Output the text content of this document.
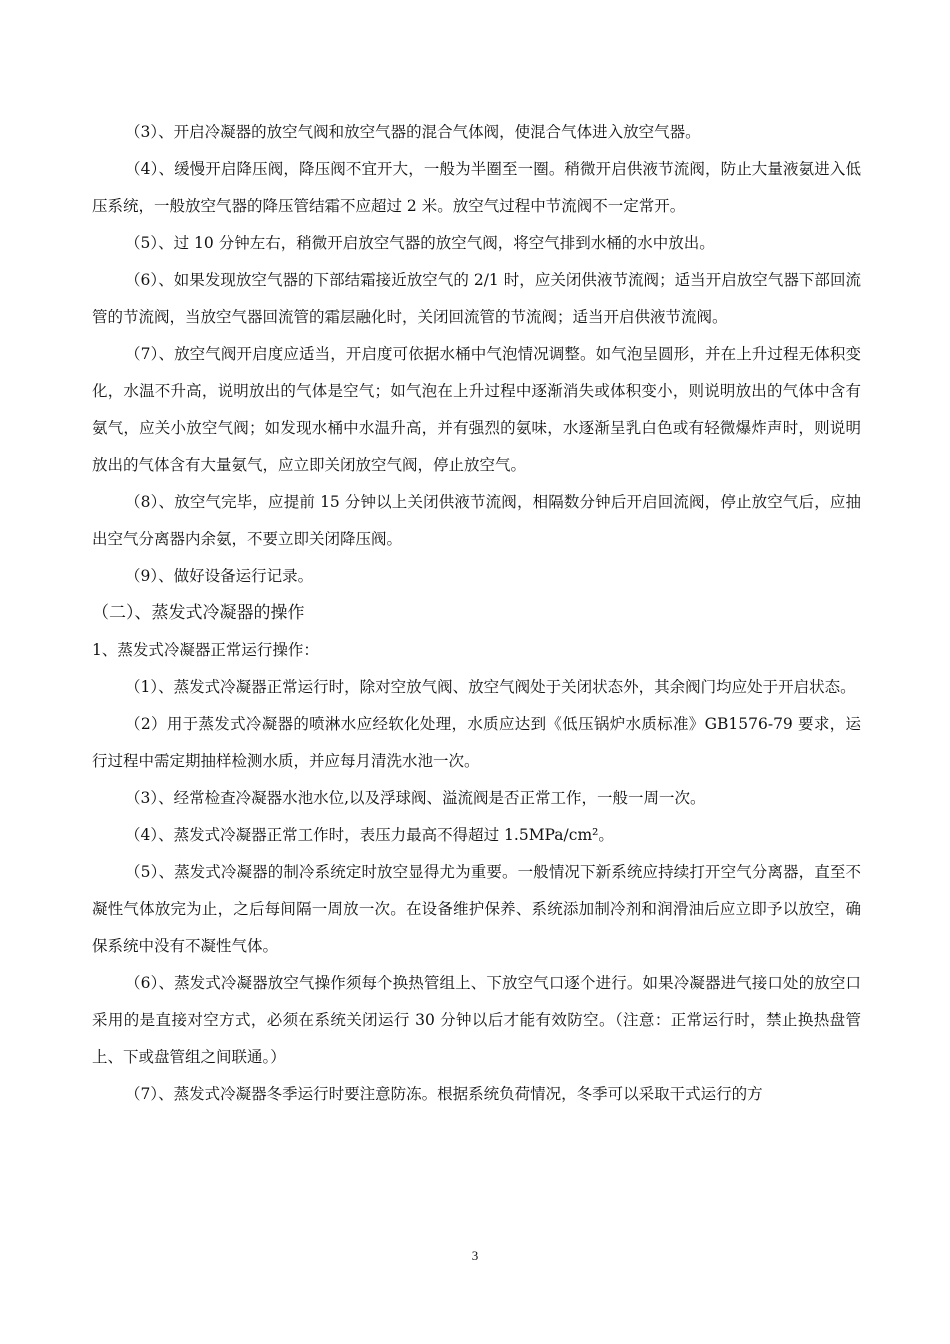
（3）、开启冷凝器的放空气阀和放空气器的混合气体阀，使混合气体进入放空气器。

（4）、缓慢开启降压阀，降压阀不宜开大，一般为半圈至一圈。稍微开启供液节流阀，防止大量液氨进入低压系统，一般放空气器的降压管结霜不应超过 2 米。放空气过程中节流阀不一定常开。

（5）、过 10 分钟左右，稍微开启放空气器的放空气阀，将空气排到水桶的水中放出。

（6）、如果发现放空气器的下部结霜接近放空气的 2/1 时，应关闭供液节流阀；适当开启放空气器下部回流管的节流阀，当放空气器回流管的霜层融化时，关闭回流管的节流阀；适当开启供液节流阀。

（7）、放空气阀开启度应适当，开启度可依据水桶中气泡情况调整。如气泡呈圆形，并在上升过程无体积变化，水温不升高，说明放出的气体是空气；如气泡在上升过程中逐渐消失或体积变小，则说明放出的气体中含有氨气，应关小放空气阀；如发现水桶中水温升高，并有强烈的氨味，水逐渐呈乳白色或有轻微爆炸声时，则说明放出的气体含有大量氨气，应立即关闭放空气阀，停止放空气。

（8）、放空气完毕，应提前 15 分钟以上关闭供液节流阀，相隔数分钟后开启回流阀，停止放空气后，应抽出空气分离器内余氨，不要立即关闭降压阀。

（9）、做好设备运行记录。

（二）、蒸发式冷凝器的操作

1、蒸发式冷凝器正常运行操作：

（1）、蒸发式冷凝器正常运行时，除对空放气阀、放空气阀处于关闭状态外，其余阀门均应处于开启状态。

（2）用于蒸发式冷凝器的喷淋水应经软化处理，水质应达到《低压锅炉水质标准》GB1576-79 要求，运行过程中需定期抽样检测水质，并应每月清洗水池一次。

（3）、经常检查冷凝器水池水位,以及浮球阀、溢流阀是否正常工作，一般一周一次。

（4）、蒸发式冷凝器正常工作时，表压力最高不得超过 1.5MPa/cm²。

（5）、蒸发式冷凝器的制冷系统定时放空显得尤为重要。一般情况下新系统应持续打开空气分离器，直至不凝性气体放完为止，之后每间隔一周放一次。在设备维护保养、系统添加制冷剂和润滑油后应立即予以放空，确保系统中没有不凝性气体。

（6）、蒸发式冷凝器放空气操作须每个换热管组上、下放空气口逐个进行。如果冷凝器进气接口处的放空口采用的是直接对空方式，必须在系统关闭运行 30 分钟以后才能有效防空。（注意：正常运行时，禁止换热盘管上、下或盘管组之间联通。）

（7）、蒸发式冷凝器冬季运行时要注意防冻。根据系统负荷情况，冬季可以采取干式运行的方

3
